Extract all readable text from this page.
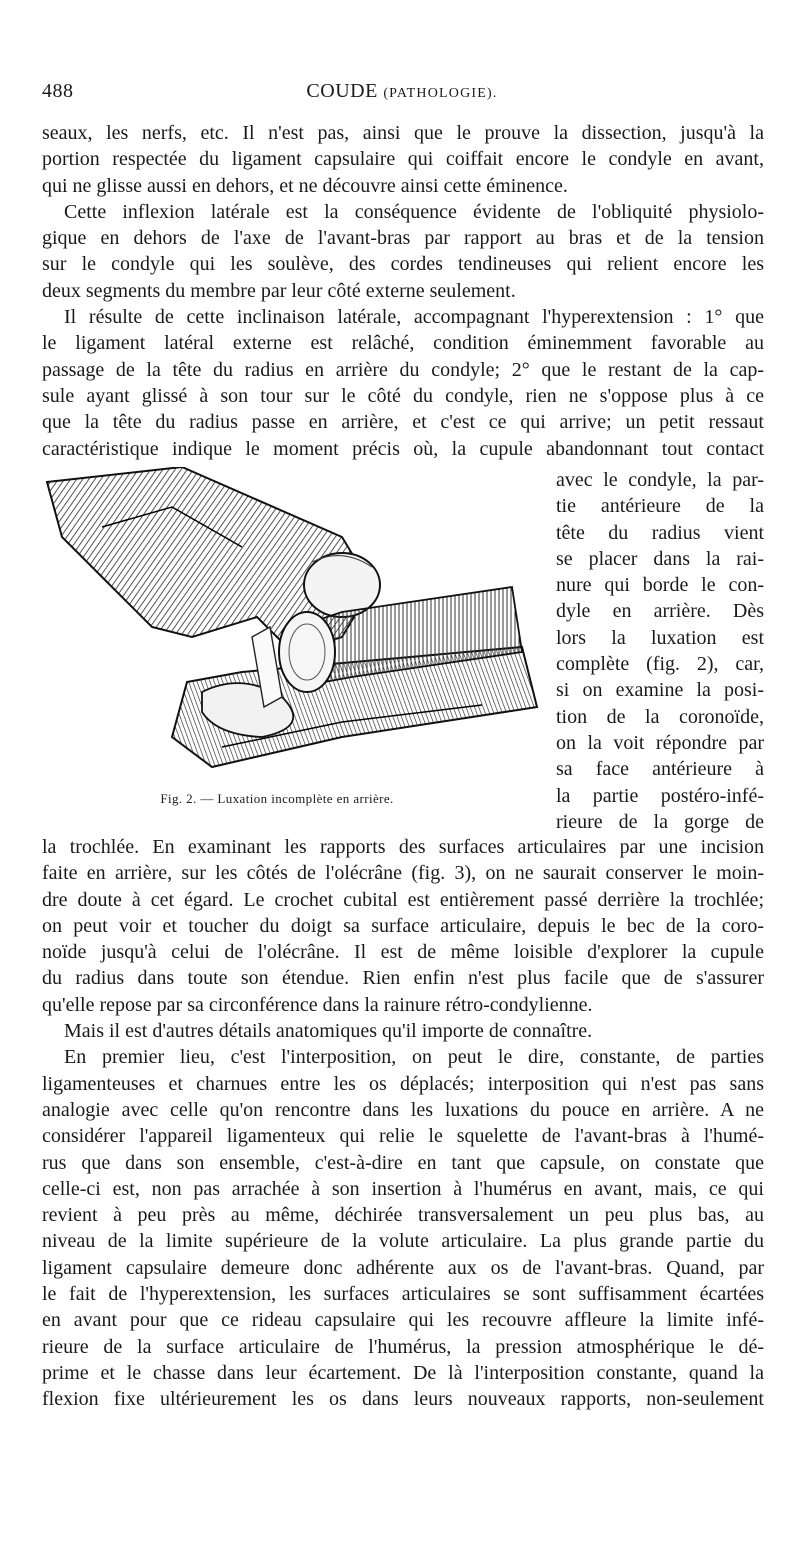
488	COUDE (PATHOLOGIE).

seaux, les nerfs, etc. Il n'est pas, ainsi que le prouve la dissection, jusqu'à la

portion respectée du ligament capsulaire qui coiffait encore le condyle en avant,

qui ne glisse aussi en dehors, et ne découvre ainsi cette éminence.

Cette inflexion latérale est la conséquence évidente de l'obliquité physiolo-

gique en dehors de l'axe de l'avant-bras par rapport au bras et de la tension

sur le condyle qui les soulève, des cordes tendineuses qui relient encore les

deux segments du membre par leur côté externe seulement.

Il résulte de cette inclinaison latérale, accompagnant l'hyperextension : 1° que

le ligament latéral externe est relâché, condition éminemment favorable au

passage de la tête du radius en arrière du condyle; 2° que le restant de la cap-

sule ayant glissé à son tour sur le côté du condyle, rien ne s'oppose plus à ce

que la tête du radius passe en arrière, et c'est ce qui arrive; un petit ressaut

caractéristique indique le moment précis où, la cupule abandonnant tout contact

Fig. 2. — Luxation incomplète en arrière.

avec le condyle, la par-

tie antérieure de la

tête du radius vient

se placer dans la rai-

nure qui borde le con-

dyle en arrière. Dès

lors la luxation est

complète (fig. 2), car,

si on examine la posi-

tion de la coronoïde,

on la voit répondre par

sa face antérieure à

la partie postéro-infé-

rieure de la gorge de

la trochlée. En examinant les rapports des surfaces articulaires par une incision

faite en arrière, sur les côtés de l'olécrâne (fig. 3), on ne saurait conserver le moin-

dre doute à cet égard. Le crochet cubital est entièrement passé derrière la trochlée;

on peut voir et toucher du doigt sa surface articulaire, depuis le bec de la coro-

noïde jusqu'à celui de l'olécrâne. Il est de même loisible d'explorer la cupule

du radius dans toute son étendue. Rien enfin n'est plus facile que de s'assurer

qu'elle repose par sa circonférence dans la rainure rétro-condylienne.

Mais il est d'autres détails anatomiques qu'il importe de connaître.

En premier lieu, c'est l'interposition, on peut le dire, constante, de parties

ligamenteuses et charnues entre les os déplacés; interposition qui n'est pas sans

analogie avec celle qu'on rencontre dans les luxations du pouce en arrière. A ne

considérer l'appareil ligamenteux qui relie le squelette de l'avant-bras à l'humé-

rus que dans son ensemble, c'est-à-dire en tant que capsule, on constate que

celle-ci est, non pas arrachée à son insertion à l'humérus en avant, mais, ce qui

revient à peu près au même, déchirée transversalement un peu plus bas, au

niveau de la limite supérieure de la volute articulaire. La plus grande partie du

ligament capsulaire demeure donc adhérente aux os de l'avant-bras. Quand, par

le fait de l'hyperextension, les surfaces articulaires se sont suffisamment écartées

en avant pour que ce rideau capsulaire qui les recouvre affleure la limite infé-

rieure de la surface articulaire de l'humérus, la pression atmosphérique le dé-

prime et le chasse dans leur écartement. De là l'interposition constante, quand la

flexion fixe ultérieurement les os dans leurs nouveaux rapports, non-seulement
